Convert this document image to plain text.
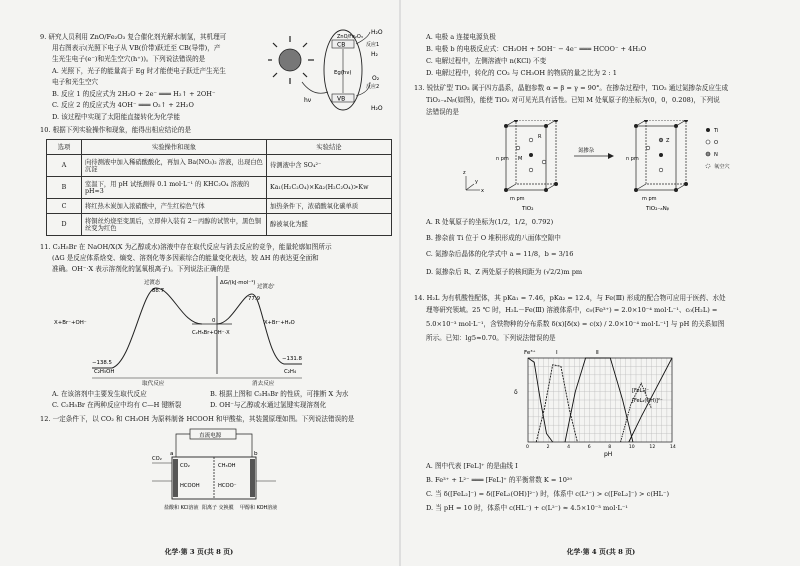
9. 研究人员利用 ZnO/Fe₂O₃ 复合催化剂光解水制氢，其机理可
用右图表示(光照下电子从 VB(价带)跃迁至 CB(导带)，产
生光生电子(e⁻)和光生空穴(h⁺))。下列说法错误的是
A. 光照下，光子的能量高于 Eg 时才能使电子跃迁产生光生
电子和光生空穴
B. 反应 1 的反应式为 2H₂O + 2e⁻ ═══ H₂↑ + 2OH⁻
C. 反应 2 的反应式为 4OH⁻ ═══ O₂↑ + 2H₂O
D. 该过程中实现了太阳能直接转化为化学能
hν
CB
VB
Eg(hν)
ZnO/Fe₂O₃
H₂O
H₂
反应1
反应2
O₂
H₂O
10. 根据下列实验操作和现象，能得出相应结论的是
选项	实验操作和现象	实验结论
A	向待测液中加入稀硝酸酸化，再加入 Ba(NO₃)₂ 溶液，出现白色沉淀	待测液中含 SO₄²⁻
B	室温下，用 pH 试纸测得 0.1 mol·L⁻¹ 的 KHC₂O₄ 溶液的 pH≈3	Ka₁(H₂C₂O₄)×Ka₂(H₂C₂O₄)>Kw
C	将红热木炭加入浓硝酸中，产生红棕色气体	加热条件下，浓硝酸氧化碳单质
D	将铜丝灼烧至变黑后，立即伸入装有 2－丙醇的试管中，黑色铜丝变为红色	醇被氧化为醛
11. C₂H₅Br 在 NaOH/X(X 为乙醇或水)溶液中存在取代反应与消去反应的竞争，能量轮廓如图所示
(ΔG 是反应体系焓变、熵变、溶剂化等多因素综合的能量变化表达，较 ΔH 的表达更全面和
准确。OH⁻·X 表示溶剂化的氢氧根离子)。下列说法正确的是
ΔG/(kJ·mol⁻¹)
过渡态
88.7
过渡态'
77.9
0
X+Br⁻+OH⁻
C₂H₅Br+OH⁻·X
X+Br⁻+H₂O
−138.5
C₂H₅OH
−131.8
C₂H₄
取代反应	消去反应
A. 在该溶剂中主要发生取代反应	B. 根据上图和 C₂H₅Br 的性质，可推断 X 为水
C. C₂H₅Br 在两种反应中均有 C—H 键断裂	D. OH⁻与乙醇或水通过氢键实现溶剂化
12. 一定条件下，以 CO₂ 和 CH₃OH 为原料制备 HCOOH 和甲酸盐，其装置原理如图。下列说法错误的是
直流电源
a	b
CO₂	CH₃OH
HCOOH	HCOO⁻
CO₂
盐酸和 KCl溶液 阳离子 交换膜 甲醇和 KOH溶液
化学·第 3 页(共 8 页)
A. 电极 a 连接电源负极
B. 电极 b 的电极反应式：CH₃OH + 5OH⁻ − 4e⁻ ═══ HCOO⁻ + 4H₂O
C. 电解过程中，左侧溶液中 n(KCl) 不变
D. 电解过程中，转化的 CO₂ 与 CH₃OH 的物质的量之比为 2 : 1
13. 锐钛矿型 TiO₂ 属于四方晶系，晶胞参数 α = β = γ = 90°。在掺杂过程中，TiO₂ 通过氮掺杂反应生成
TiO₂₋ₐNᵦ(如图)，能使 TiO₂ 对可见光具有活性。已知 M 处氧原子的坐标为(0，0，0.208)，下列说
法错误的是
z
x
y
M
R
n pm
m pm
TiO₂
氮掺杂
Z
n pm
m pm
TiO₂₋ₐNᵦ
Ti
O
N
氧空穴
A. R 处氧原子的坐标为(1/2，1/2，0.792)
B. 掺杂前 Ti 位于 O 堆积形成的八面体空隙中
C. 氮掺杂后晶体的化学式中 a = 11/8，b = 3/16
D. 氮掺杂后 R、Z 两处原子的核间距为 (√2/2)m pm
14. H₂L 为有机酸性配体，其 pKa₁ = 7.46，pKa₂ = 12.4，与 Fe(Ⅲ) 形成的配合物可应用于医药、水处
理等研究领域。25 ℃ 时，H₂L－Fe(Ⅲ) 溶液体系中，c₀(Fe³⁺) = 2.0×10⁻⁴ mol·L⁻¹、c₀(H₂L) =
5.0×10⁻³ mol·L⁻¹，含铁物种的分布系数 δ(x)[δ(x) = c(x) / 2.0×10⁻⁴ mol·L⁻¹] 与 pH 的关系如图
所示。已知：lg5≈0.70。下列说法错误的是
0	2	4	6	8	10	12	14
δ
pH
Fe³⁺	Ⅰ	Ⅱ
[FeL₂]⁻
[FeL₂(OH)]²⁻
A. 图中代表 [FeL]⁺ 的是曲线 Ⅰ
B. Fe³⁺ + L²⁻ ═══ [FeL]⁺ 的平衡常数 K = 10²⁰
C. 当 δ([FeL₂]⁻) = δ([FeL₂(OH)]²⁻) 时，体系中 c(L²⁻) > c([FeL₂]⁻) > c(HL⁻)
D. 当 pH = 10 时，体系中 c(HL⁻) + c(L²⁻) ≈ 4.5×10⁻³ mol·L⁻¹
化学·第 4 页(共 8 页)
